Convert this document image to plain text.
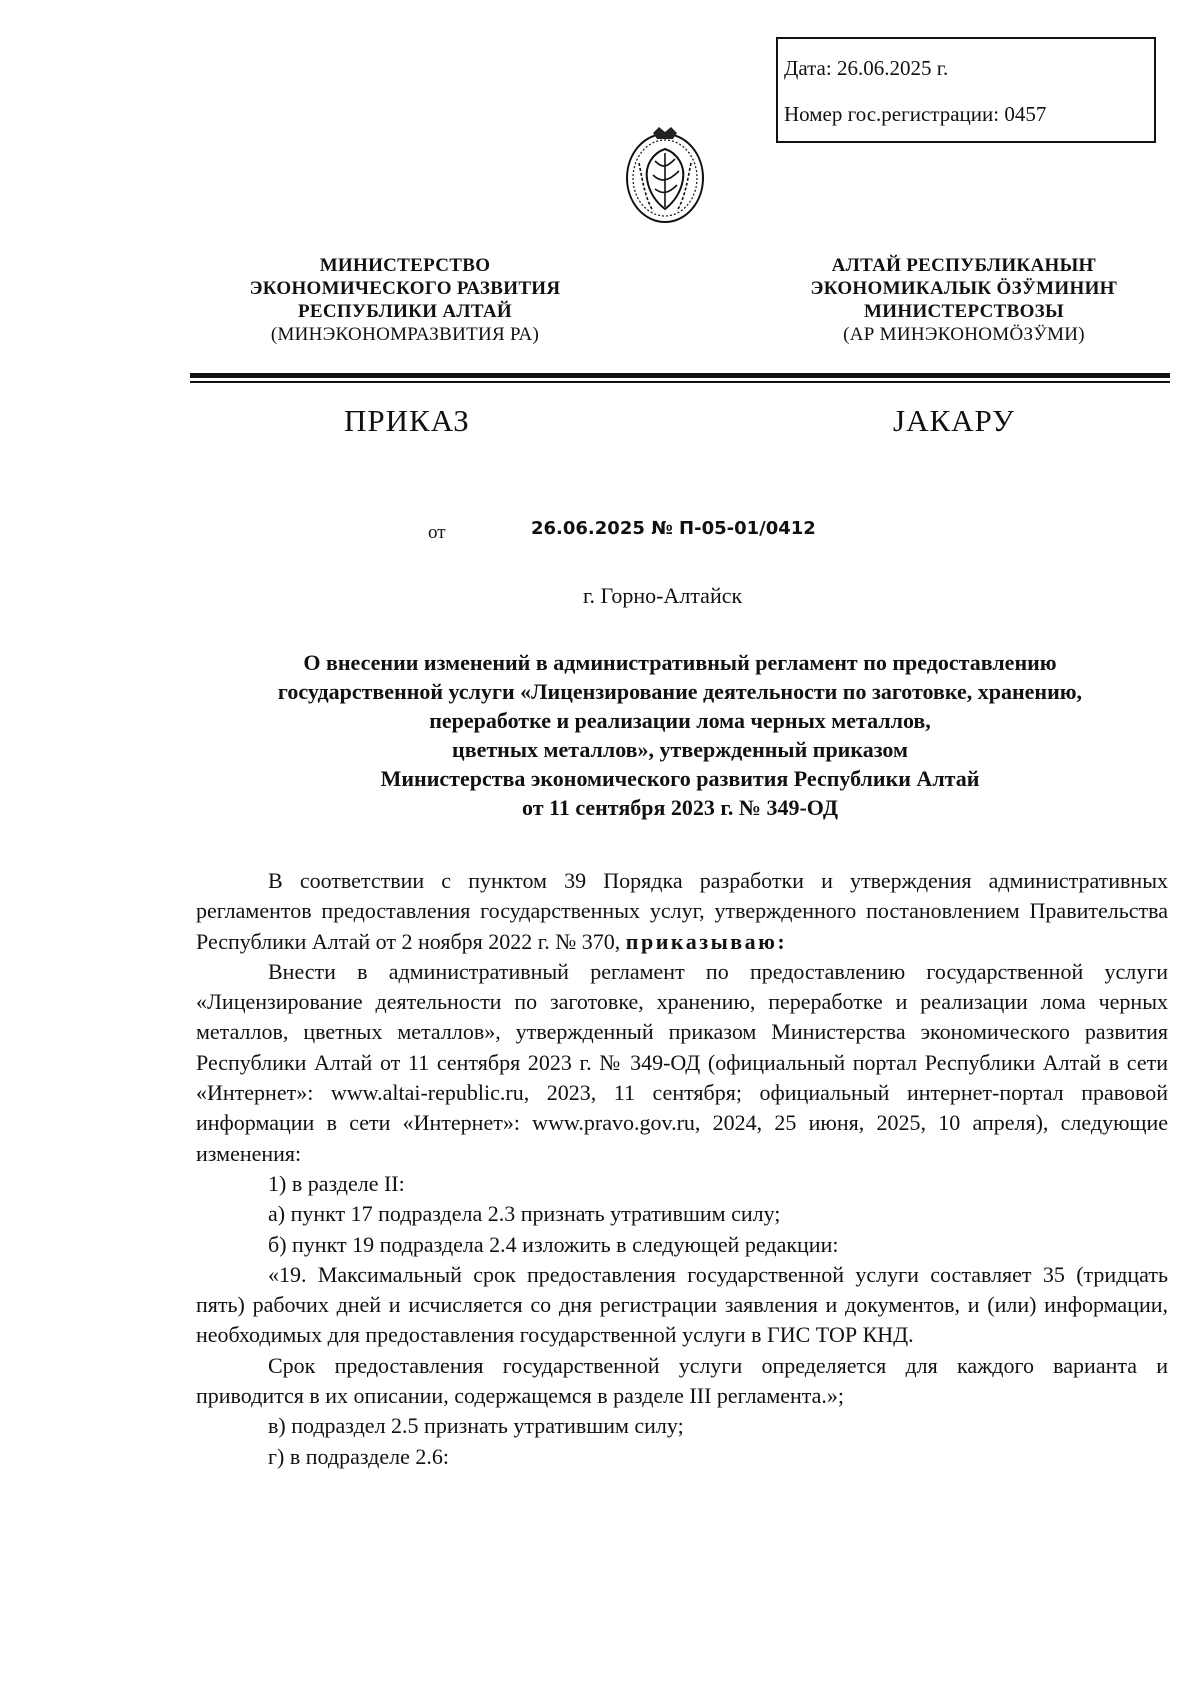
Дата: 26.06.2025 г.
Номер гос.регистрации: 0457
МИНИСТЕРСТВО
ЭКОНОМИЧЕСКОГО РАЗВИТИЯ
РЕСПУБЛИКИ АЛТАЙ
(МИНЭКОНОМРАЗВИТИЯ РА)
АЛТАЙ РЕСПУБЛИКАНЫҤ
ЭКОНОМИКАЛЫК ӦЗӰМИНИҤ
МИНИСТЕРСТВОЗЫ
(АР МИНЭКОНОМӦЗӰМИ)
ПРИКАЗ	ЈАКАРУ
от	26.06.2025 № П-05-01/0412
г. Горно-Алтайск
О внесении изменений в административный регламент по предоставлению
государственной услуги «Лицензирование деятельности по заготовке, хранению,
переработке и реализации лома черных металлов,
цветных металлов», утвержденный приказом
Министерства экономического развития Республики Алтай
от 11 сентября 2023 г. № 349-ОД

В соответствии с пунктом 39 Порядка разработки и утверждения административных регламентов предоставления государственных услуг, утвержденного постановлением Правительства Республики Алтай от 2 ноября 2022 г. № 370, приказываю:

Внести в административный регламент по предоставлению государственной услуги «Лицензирование деятельности по заготовке, хранению, переработке и реализации лома черных металлов, цветных металлов», утвержденный приказом Министерства экономического развития Республики Алтай от 11 сентября 2023 г. № 349-ОД (официальный портал Республики Алтай в сети «Интернет»: www.altai-republic.ru, 2023, 11 сентября; официальный интернет-портал правовой информации в сети «Интернет»: www.pravo.gov.ru, 2024, 25 июня, 2025, 10 апреля), следующие изменения:

1) в разделе II:

а) пункт 17 подраздела 2.3 признать утратившим силу;

б) пункт 19 подраздела 2.4 изложить в следующей редакции:

«19. Максимальный срок предоставления государственной услуги составляет 35 (тридцать пять) рабочих дней и исчисляется со дня регистрации заявления и документов, и (или) информации, необходимых для предоставления государственной услуги в ГИС ТОР КНД.

Срок предоставления государственной услуги определяется для каждого варианта и приводится в их описании, содержащемся в разделе III регламента.»;

в) подраздел 2.5 признать утратившим силу;

г) в подразделе 2.6:
